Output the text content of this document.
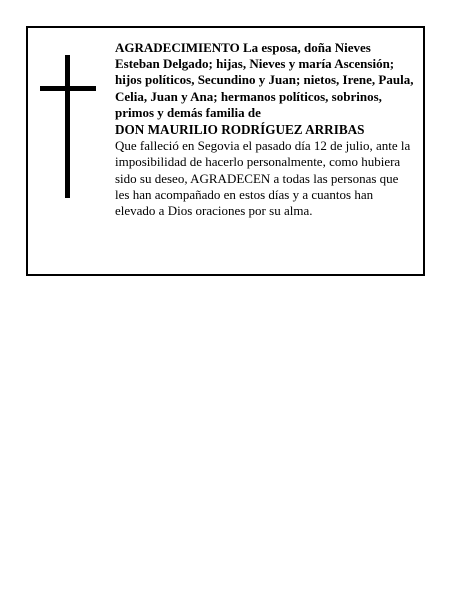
AGRADECIMIENTO La esposa, doña Nieves Esteban Delgado; hijas, Nieves y maría Ascensión; hijos políticos, Secundino y Juan; nietos, Irene, Paula, Celia, Juan y Ana; hermanos políticos, sobrinos, primos y demás familia de

DON MAURILIO RODRÍGUEZ ARRIBAS

Que falleció en Segovia el pasado día 12 de julio, ante la imposibilidad de hacerlo personalmente, como hubiera sido su deseo, AGRADECEN a todas las personas que les han acompañado en estos días y a cuantos han elevado a Dios oraciones por su alma.
